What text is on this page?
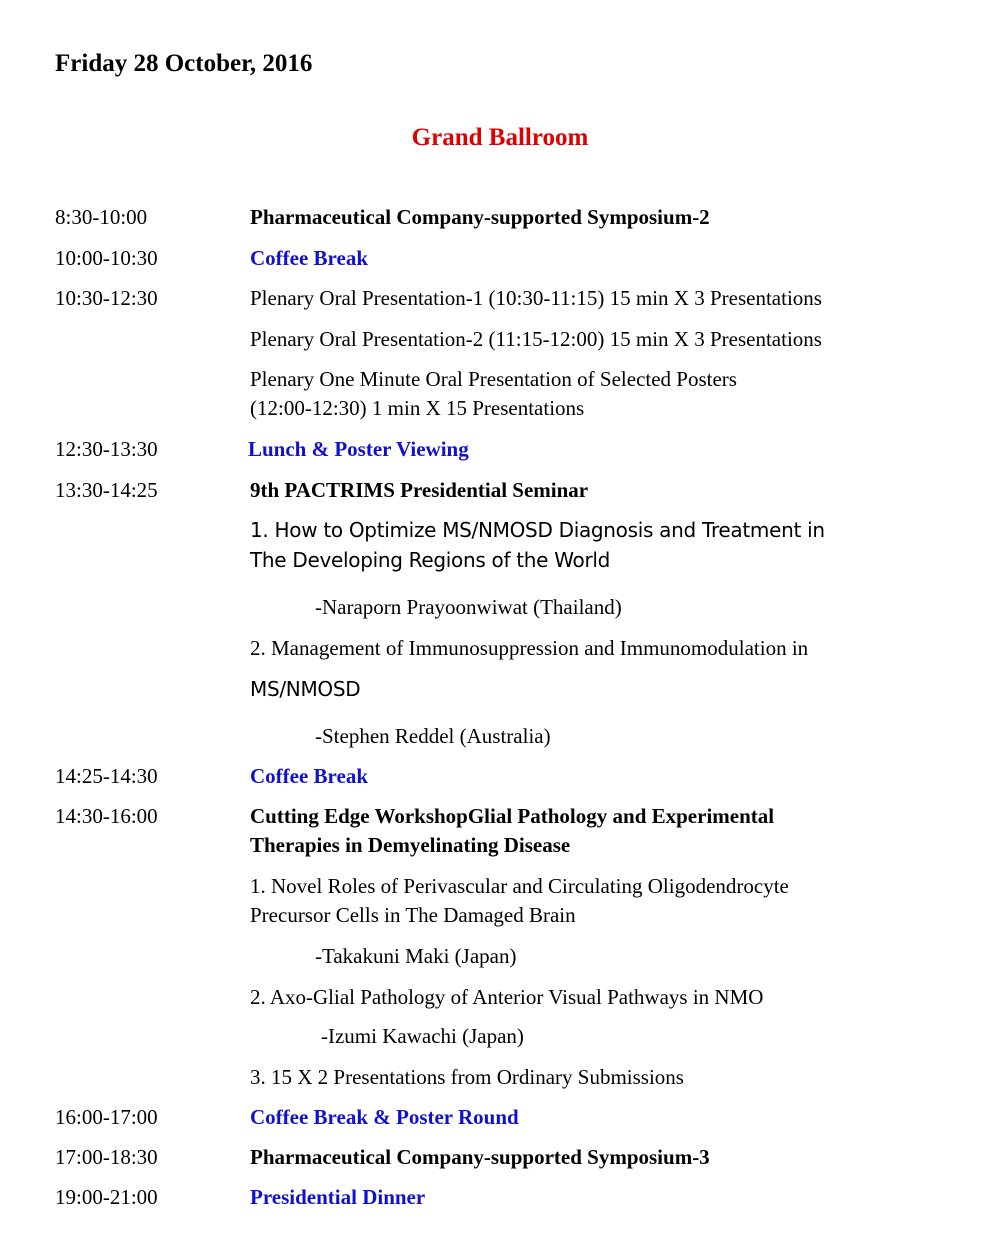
Friday 28 October, 2016
Grand Ballroom
8:30-10:00	Pharmaceutical Company-supported Symposium-2
10:00-10:30	Coffee Break
10:30-12:30	Plenary Oral Presentation-1 (10:30-11:15) 15 min X 3 Presentations
Plenary Oral Presentation-2 (11:15-12:00) 15 min X 3 Presentations
Plenary One Minute Oral Presentation of Selected Posters
(12:00-12:30) 1 min X 15 Presentations
12:30-13:30	Lunch & Poster Viewing
13:30-14:25	9th PACTRIMS Presidential Seminar
1. How to Optimize MS/NMOSD Diagnosis and Treatment in
The Developing Regions of the World
-Naraporn Prayoonwiwat (Thailand)
2. Management of Immunosuppression and Immunomodulation in
MS/NMOSD
-Stephen Reddel (Australia)
14:25-14:30	Coffee Break
14:30-16:00	Cutting Edge WorkshopGlial Pathology and Experimental
Therapies in Demyelinating Disease
1. Novel Roles of Perivascular and Circulating Oligodendrocyte
Precursor Cells in The Damaged Brain
-Takakuni Maki (Japan)
2. Axo-Glial Pathology of Anterior Visual Pathways in NMO
-Izumi Kawachi (Japan)
3. 15 X 2 Presentations from Ordinary Submissions
16:00-17:00	Coffee Break & Poster Round
17:00-18:30	Pharmaceutical Company-supported Symposium-3
19:00-21:00	Presidential Dinner
